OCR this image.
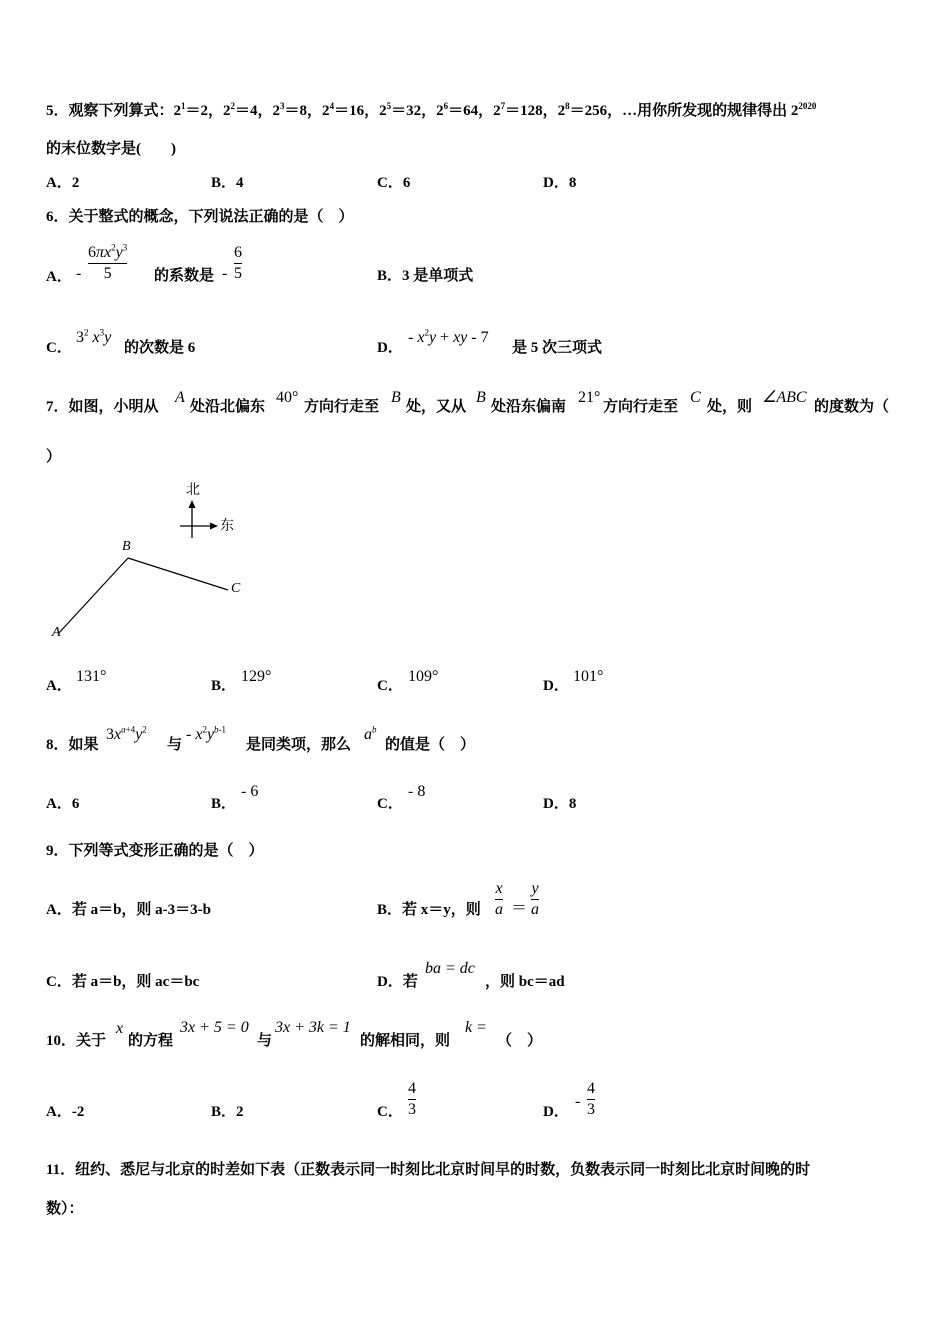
5．观察下列算式：$2^1=2$，$2^2=4$，$2^3=8$，$2^4=16$，$2^5=32$，$2^6=64$，$2^7=128$，$2^8=256$，…用你所发现的规律得出 $2^{2020}$
的末位数字是(　　)
A．2	B．4	C．6	D．8
6．关于整式的概念，下列说法正确的是（　）
A． -
$6\pi x^2y^3$
5	的系数是 -
6
5	B．3 是单项式
C．
$3^2$ $x^3y$
的次数是 6	D．
- $x^2y$ + xy - 7
是 5 次三项式
7．如图，小明从
A
处沿北偏东
40°
方向行走至
B
处，又从
B
处沿东偏南
21°
方向行走至
C
处，则
∠ABC
的度数为（
）
北
东
B
C
A
A．
131°
B．
129°
C．
109°
D．
101°
8．如果
$3x^{a+4}y^2$
与
- $x^2y^{b-1}$
是同类项，那么
$a^b$
的值是（　）
A．6	B．
- 6
C．
- 8
D．8
9．下列等式变形正确的是（　）
A．若 a＝b，则 a-3＝3-b	B．若 x＝y，则
x
a ＝
y
a
C．若 a＝b，则 ac＝bc	D．若
ba = dc
，则 bc＝ad
10．关于
x
的方程
3x + 5 = 0
与
3x + 3k = 1
的解相同，则
k =
（　）
A．-2	B．2	C．
4
3	D．
-
4
3
11．纽约、悉尼与北京的时差如下表（正数表示同一时刻比北京时间早的时数，负数表示同一时刻比北京时间晚的时
数）：
